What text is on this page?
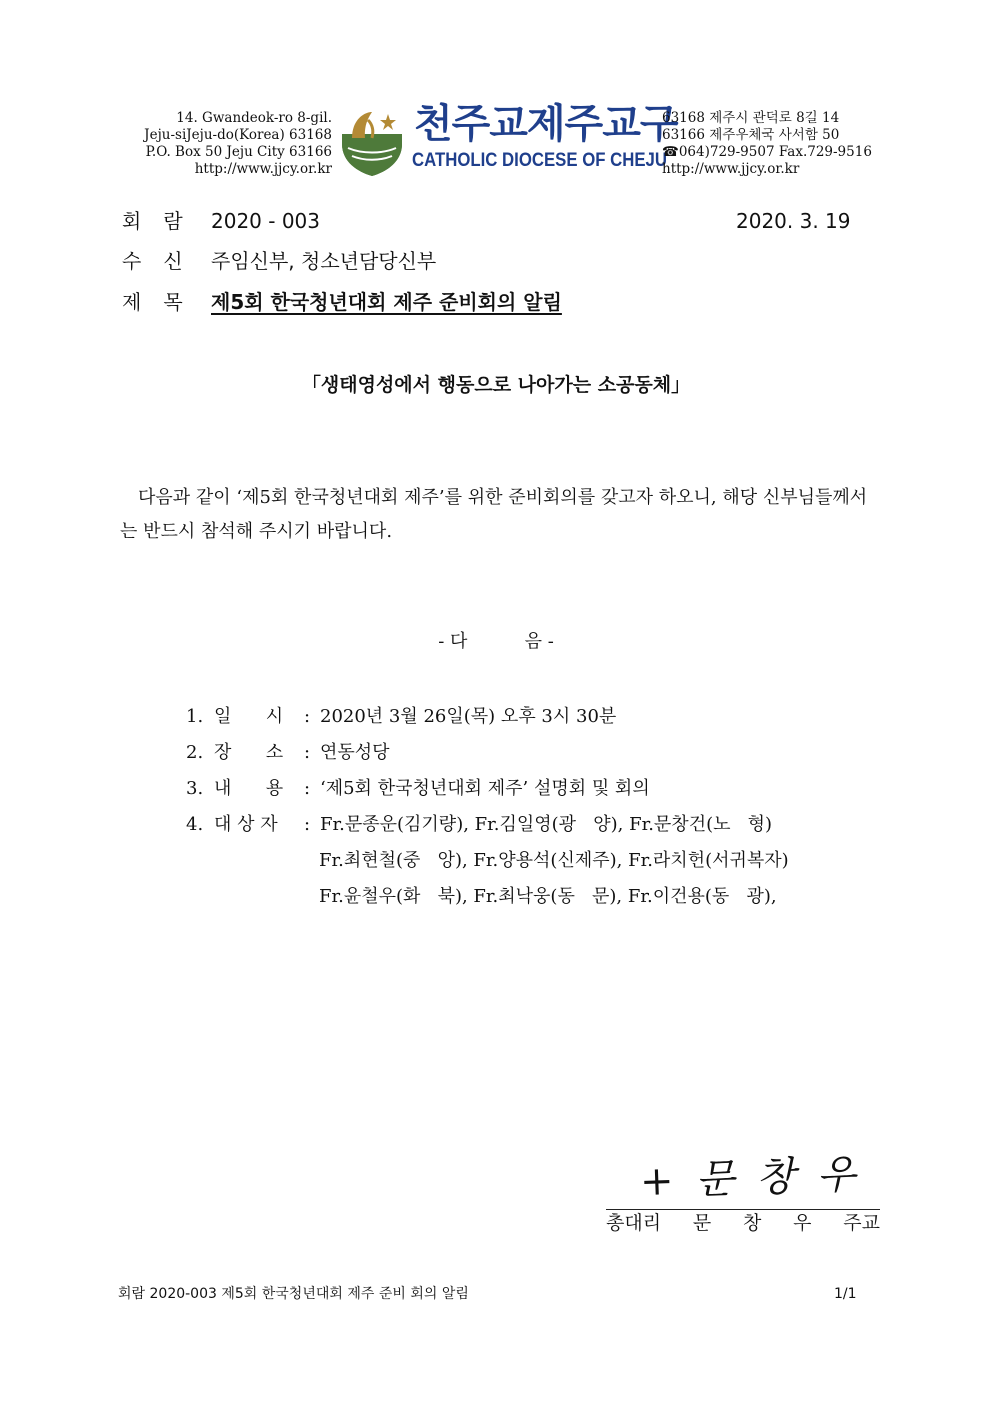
14. Gwandeok-ro 8-gil.
Jeju-siJeju-do(Korea) 63168
P.O. Box 50 Jeju City 63166
http://www.jjcy.or.kr
천주교제주교구
CATHOLIC DIOCESE OF CHEJU
63168 제주시 관덕로 8길 14
63166 제주우체국 사서함 50
☎064)729-9507 Fax.729-9516
http://www.jjcy.or.kr
회람 2020 - 003	2020. 3. 19
수신 주임신부, 청소년담당신부
제목 제5회 한국청년대회 제주 준비회의 알림
「생태영성에서 행동으로 나아가는 소공동체」
다음과 같이 ‘제5회 한국청년대회 제주’를 위한 준비회의를 갖고자 하오니, 해당 신부님들께서는 반드시 참석해 주시기 바랍니다.
- 다          음 -
1. 일      시 : 2020년 3월 26일(목) 오후 3시 30분
2. 장      소 : 연동성당
3. 내      용 : ‘제5회 한국청년대회 제주’ 설명회 및 회의
4. 대 상 자 : Fr.문종운(김기량), Fr.김일영(광   양), Fr.문창건(노   형)
Fr.최현철(중   앙), Fr.양용석(신제주), Fr.라치헌(서귀복자)
Fr.윤철우(화   북), Fr.최낙웅(동   문), Fr.이건용(동   광),
+문창우
총대리 문 창 우 주교
회람 2020-003 제5회 한국청년대회 제주 준비 회의 알림	1/1
